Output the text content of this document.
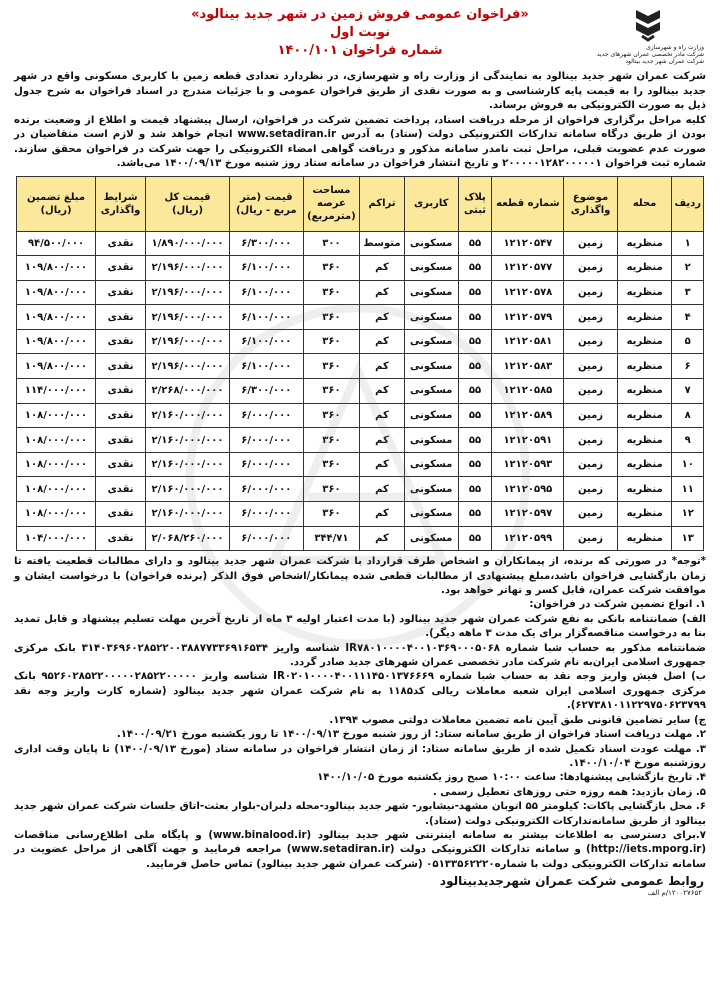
«فراخوان عمومی فروش زمین در شهر جدید بینالود»
نوبت اول
شماره فراخوان ۱۴۰۰/۱۰۱	وزارت راه و شهرسازی
شرکت مادر تخصصی عمران شهرهای جدید
شرکت عمران شهر جدید بینالود
شرکت عمران شهر جدید بینالود به نمایندگی از وزارت راه و شهرسازی، در نظردارد تعدادی قطعه زمین با کاربری مسکونی واقع در شهر جدید بینالود را به قیمت پایه کارشناسی و به صورت نقدی از طریق فراخوان عمومی و با جزئیات مندرج در اسناد فراخوان به شرح جدول ذیل به صورت الکترونیکی به فروش برساند.
کلیه مراحل برگزاری فراخوان از مرحله دریافت اسناد، پرداخت تضمین شرکت در فراخوان، ارسال پیشنهاد قیمت و اطلاع از وضعیت برنده بودن از طریق درگاه سامانه تدارکات الکترونیکی دولت (ستاد) به آدرس www.setadiran.ir انجام خواهد شد و لازم است متقاضیان در صورت عدم عضویت قبلی، مراحل ثبت نامدر سامانه مذکور و دریافت گواهی امضاء الکترونیکی را جهت شرکت در فراخوان محقق سازند. شماره ثبت فراخوان ۲۰۰۰۰۰۱۲۸۲۰۰۰۰۰۱ و تاریخ انتشار فراخوان در سامانه ستاد روز شنبه مورخ ۱۴۰۰/۰۹/۱۳ می‌باشد.
ردیف	محله	موضوع واگذاری	شماره قطعه	پلاک ثبتی	کاربری	تراکم	مساحت عرصه (مترمربع)	قیمت (متر مربع - ریال)	قیمت کل (ریال)	شرایط واگذاری	مبلغ تضمین (ریال)
۱	منظریه	زمین	۱۲۱۲۰۵۴۷	۵۵	مسکونی	متوسط	۳۰۰	۶/۳۰۰/۰۰۰	۱/۸۹۰/۰۰۰/۰۰۰	نقدی	۹۴/۵۰۰/۰۰۰
۲	منظریه	زمین	۱۲۱۲۰۵۷۷	۵۵	مسکونی	کم	۳۶۰	۶/۱۰۰/۰۰۰	۲/۱۹۶/۰۰۰/۰۰۰	نقدی	۱۰۹/۸۰۰/۰۰۰
۳	منظریه	زمین	۱۲۱۲۰۵۷۸	۵۵	مسکونی	کم	۳۶۰	۶/۱۰۰/۰۰۰	۲/۱۹۶/۰۰۰/۰۰۰	نقدی	۱۰۹/۸۰۰/۰۰۰
۴	منظریه	زمین	۱۲۱۲۰۵۷۹	۵۵	مسکونی	کم	۳۶۰	۶/۱۰۰/۰۰۰	۲/۱۹۶/۰۰۰/۰۰۰	نقدی	۱۰۹/۸۰۰/۰۰۰
۵	منظریه	زمین	۱۲۱۲۰۵۸۱	۵۵	مسکونی	کم	۳۶۰	۶/۱۰۰/۰۰۰	۲/۱۹۶/۰۰۰/۰۰۰	نقدی	۱۰۹/۸۰۰/۰۰۰
۶	منظریه	زمین	۱۲۱۲۰۵۸۳	۵۵	مسکونی	کم	۳۶۰	۶/۱۰۰/۰۰۰	۲/۱۹۶/۰۰۰/۰۰۰	نقدی	۱۰۹/۸۰۰/۰۰۰
۷	منظریه	زمین	۱۲۱۲۰۵۸۵	۵۵	مسکونی	کم	۳۶۰	۶/۳۰۰/۰۰۰	۲/۲۶۸/۰۰۰/۰۰۰	نقدی	۱۱۴/۰۰۰/۰۰۰
۸	منظریه	زمین	۱۲۱۲۰۵۸۹	۵۵	مسکونی	کم	۳۶۰	۶/۰۰۰/۰۰۰	۲/۱۶۰/۰۰۰/۰۰۰	نقدی	۱۰۸/۰۰۰/۰۰۰
۹	منظریه	زمین	۱۲۱۲۰۵۹۱	۵۵	مسکونی	کم	۳۶۰	۶/۰۰۰/۰۰۰	۲/۱۶۰/۰۰۰/۰۰۰	نقدی	۱۰۸/۰۰۰/۰۰۰
۱۰	منظریه	زمین	۱۲۱۲۰۵۹۳	۵۵	مسکونی	کم	۳۶۰	۶/۰۰۰/۰۰۰	۲/۱۶۰/۰۰۰/۰۰۰	نقدی	۱۰۸/۰۰۰/۰۰۰
۱۱	منظریه	زمین	۱۲۱۲۰۵۹۵	۵۵	مسکونی	کم	۳۶۰	۶/۰۰۰/۰۰۰	۲/۱۶۰/۰۰۰/۰۰۰	نقدی	۱۰۸/۰۰۰/۰۰۰
۱۲	منظریه	زمین	۱۲۱۲۰۵۹۷	۵۵	مسکونی	کم	۳۶۰	۶/۰۰۰/۰۰۰	۲/۱۶۰/۰۰۰/۰۰۰	نقدی	۱۰۸/۰۰۰/۰۰۰
۱۳	منظریه	زمین	۱۲۱۲۰۵۹۹	۵۵	مسکونی	کم	۳۴۴/۷۱	۶/۰۰۰/۰۰۰	۲/۰۶۸/۲۶۰/۰۰۰	نقدی	۱۰۴/۰۰۰/۰۰۰
*توجه* در صورتی که برنده، از پیمانکاران و اشخاص طرف قرارداد با شرکت عمران شهر جدید بینالود و دارای مطالبات قطعیت یافته تا زمان بازگشایی فراخوان باشد،مبلغ پیشنهادی از مطالبات قطعی شده پیمانکار/اشخاص فوق الذکر (برنده فراخوان) با درخواست ایشان و موافقت شرکت عمران، قابل کسر و تهاتر خواهد بود.
۱. انواع تضمین شرکت در فراخوان:
الف) ضمانتنامه بانکی به نفع شرکت عمران شهر جدید بینالود (با مدت اعتبار اولیه ۳ ماه از تاریخ آخرین مهلت تسلیم پیشنهاد و قابل تمدید بنا به درخواست مناقصه‌گزار برای یک مدت ۳ ماهه دیگر).
ضمانتنامه مذکور به حساب شبا شماره IR۷۸۰۱۰۰۰۰۴۰۰۱۰۳۶۹۰۰۰۵۰۶۸ شناسه واریز ۳۱۴۰۳۶۹۶۰۲۸۵۲۲۰۰۳۸۸۷۷۳۳۶۹۱۶۵۳۴ بانک مرکزی جمهوری اسلامی ایران‌به نام شرکت مادر تخصصی عمران شهرهای جدید صادر گردد.
ب) اصل فیش واریز وجه نقد به حساب شبا شماره IR۰۲۰۱۰۰۰۰۴۰۰۱۱۱۴۵۰۱۳۷۶۶۶۹ شناسه واریز ۹۵۲۶۰۲۸۵۲۲۰۰۰۰۰۲۸۵۲۲۰۰۰۰۰ بانک مرکزی جمهوری اسلامی ایران شعبه معاملات ریالی کد۱۱۸۵ به نام شرکت عمران شهر جدید بینالود (شماره کارت واریز وجه نقد ۶۲۷۳۸۱۰۱۱۲۲۹۷۵۰۶۲۳۷۹۹).
ج) سایر تضامین قانونی طبق آیین نامه تضمین معاملات دولتی مصوب ۱۳۹۴.
۲. مهلت دریافت اسناد فراخوان از طریق سامانه ستاد: از روز شنبه مورخ ۱۴۰۰/۰۹/۱۳ تا روز یکشنبه مورخ ۱۴۰۰/۰۹/۲۱.
۳. مهلت عودت اسناد تکمیل شده از طریق سامانه ستاد: از زمان انتشار فراخوان در سامانه ستاد (مورخ ۱۴۰۰/۰۹/۱۳) تا پایان وقت اداری روزشنبه مورخ ۱۴۰۰/۱۰/۰۴.
۴. تاریخ بازگشایی پیشنهادها: ساعت ۱۰:۰۰ صبح روز یکشنبه مورخ ۱۴۰۰/۱۰/۰۵
۵. زمان بازدید: همه روزه حتی روزهای تعطیل رسمی .
۶. محل بازگشایی پاکات: کیلومتر ۵۵ اتوبان مشهد-نیشابور- شهر جدید بینالود-محله دلبران-بلوار بعثت-اتاق جلسات شرکت عمران شهر جدید بینالود از طریق سامانه‌تدارکات الکترونیکی دولت (ستاد).
۷.برای دسترسی به اطلاعات بیشتر به سامانه اینترنتی شهر جدید بینالود (www.binalood.ir) و پایگاه ملی اطلاع‌رسانی مناقصات (http://iets.mporg.ir) و سامانه تدارکات الکترونیکی دولت (www.setadiran.ir) مراجعه فرمایید و جهت آگاهی از مراحل عضویت در سامانه تدارکات الکترونیکی دولت با شماره۰۵۱۳۳۵۶۲۲۲۰ (شرکت عمران شهر جدید بینالود) تماس حاصل فرمایید.
روابط عمومی شرکت عمران شهرجدیدبینالود
۱۲۰۰۲۷۶۵۲/م الف
